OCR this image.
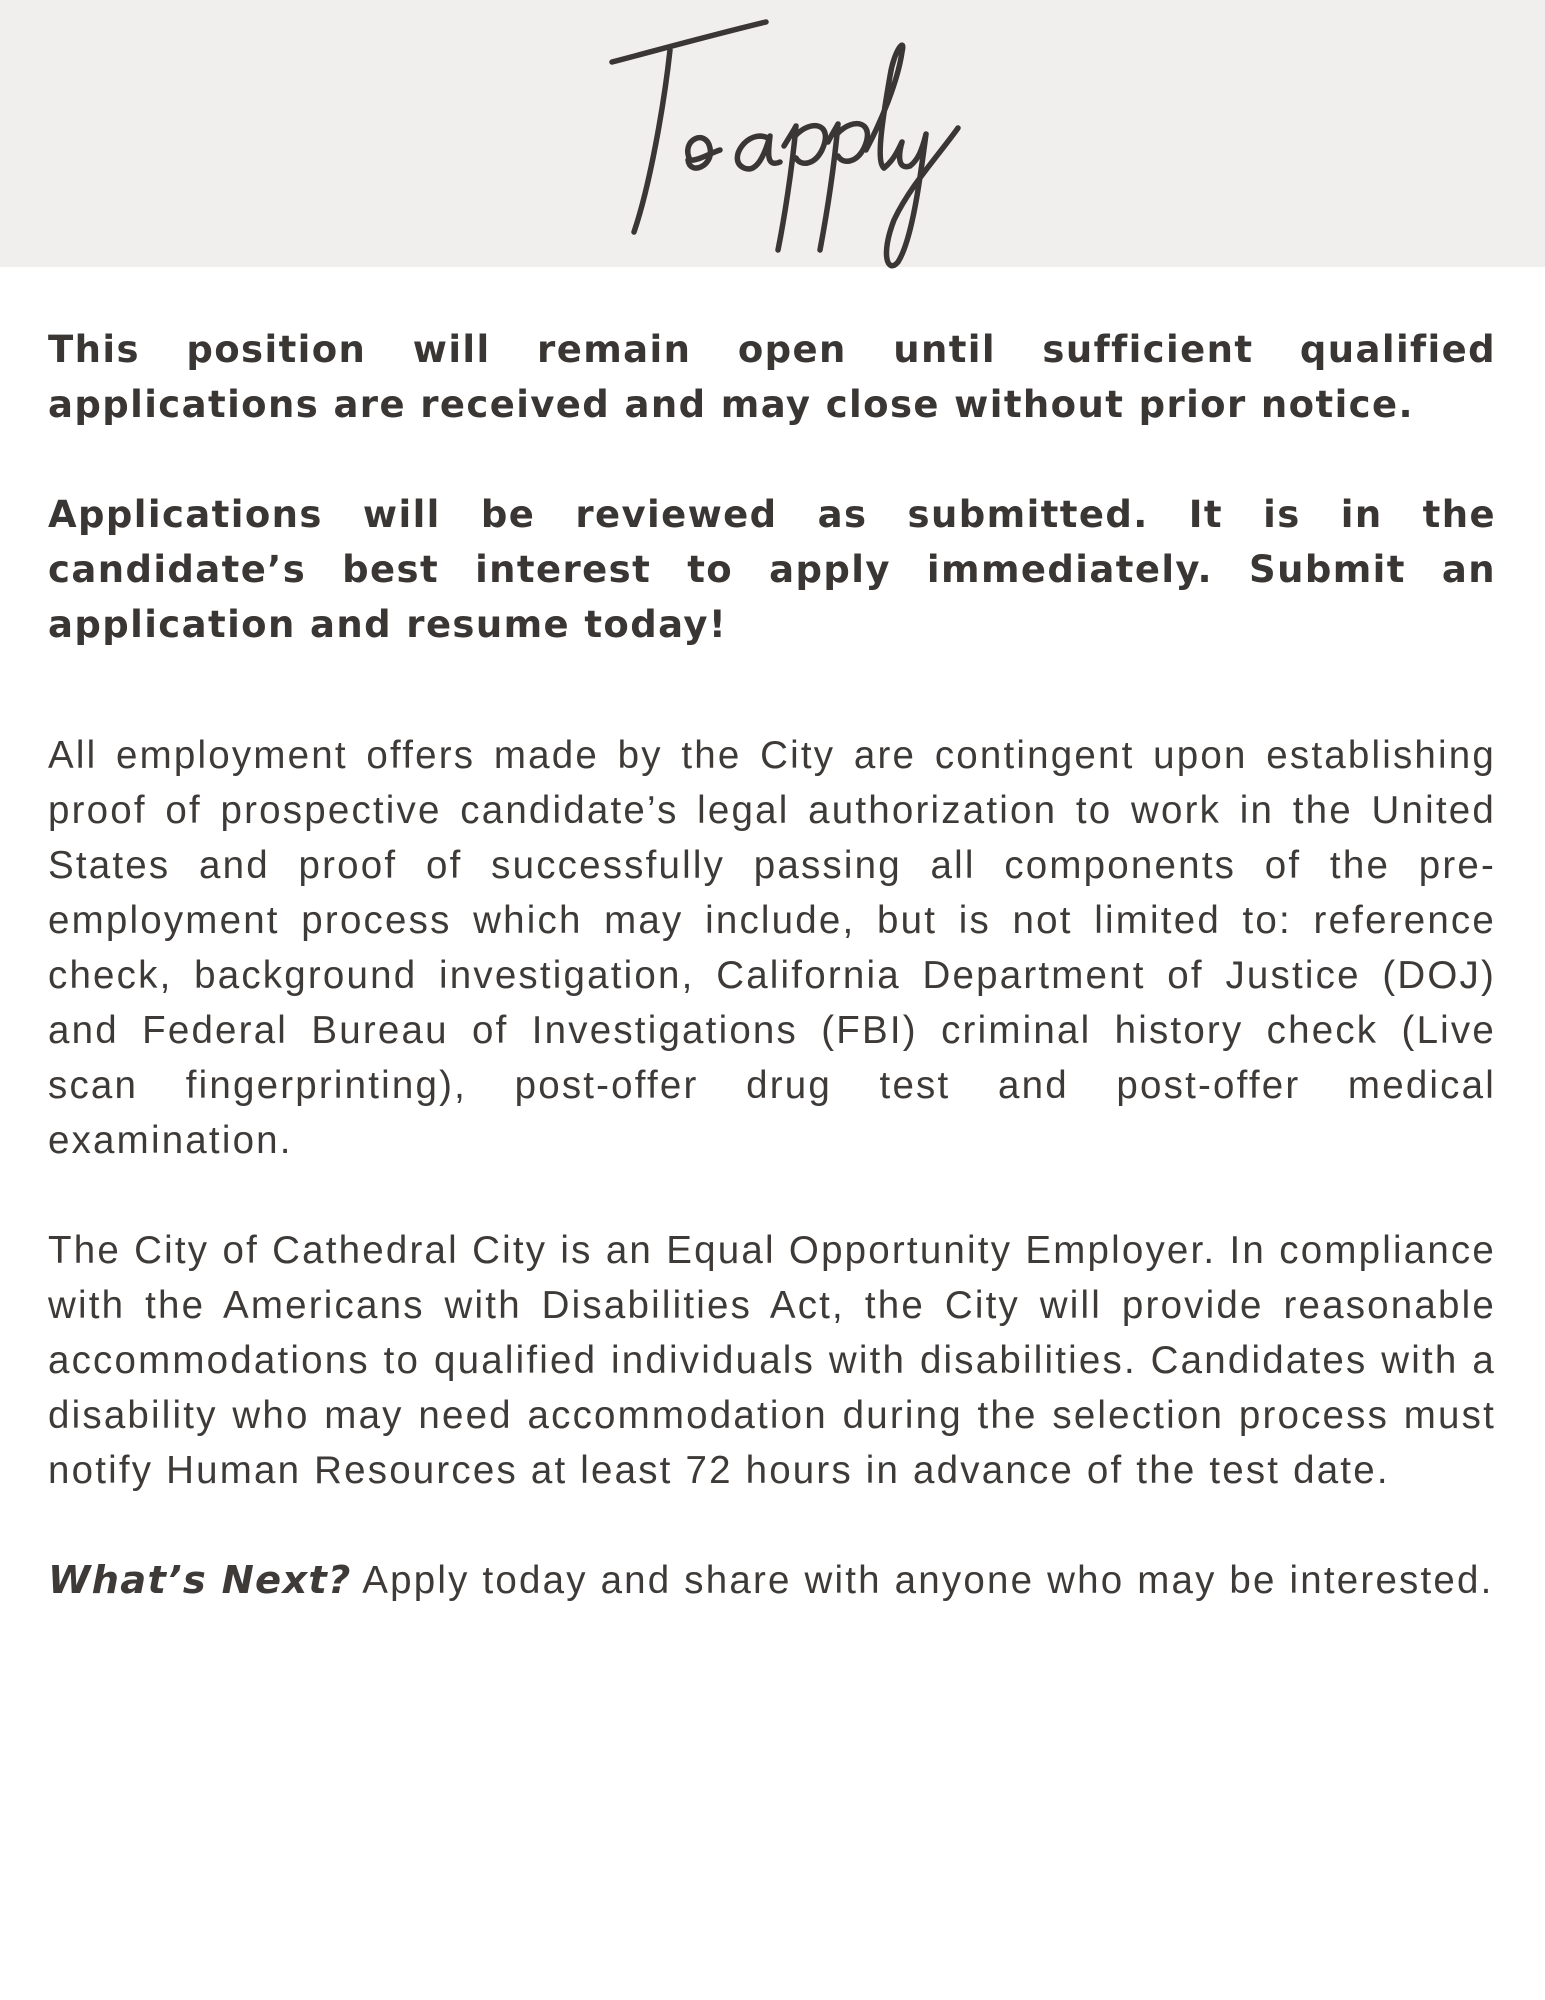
This position will remain open until sufficient qualified applications are received and may close without prior notice.

Applications will be reviewed as submitted. It is in the candidate’s best interest to apply immediately. Submit an application and resume today!

All employment offers made by the City are contingent upon establishing proof of prospective candidate’s legal authorization to work in the United States and proof of successfully passing all components of the pre-employment process which may include, but is not limited to: reference check, background investigation, California Department of Justice (DOJ) and Federal Bureau of Investigations (FBI) criminal history check (Live scan fingerprinting), post-offer drug test and post-offer medical examination.

The City of Cathedral City is an Equal Opportunity Employer. In compliance with the Americans with Disabilities Act, the City will provide reasonable accommodations to qualified individuals with disabilities. Candidates with a disability who may need accommodation during the selection process must notify Human Resources at least 72 hours in advance of the test date.

What’s Next? Apply today and share with anyone who may be interested.
